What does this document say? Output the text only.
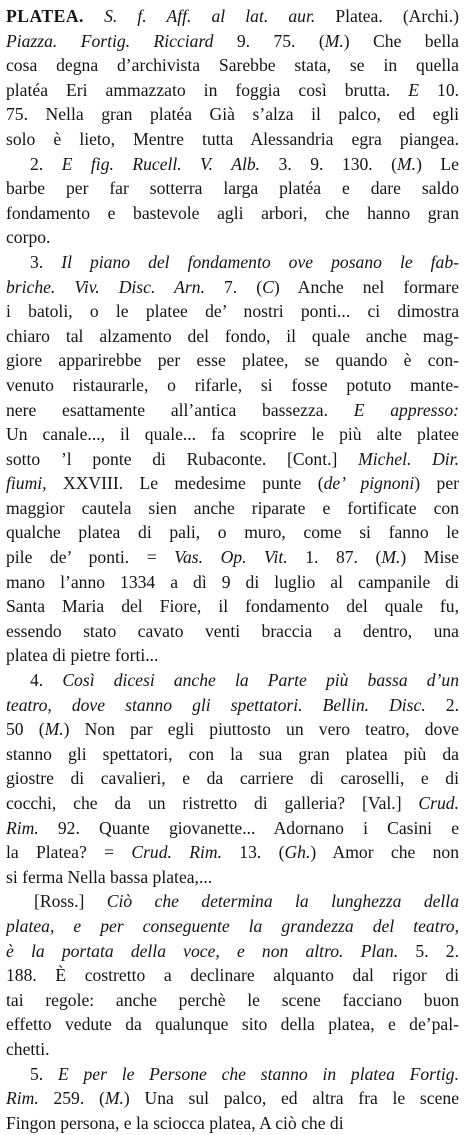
PLATEA. S. f. Aff. al lat. aur. Platea. (Archi.)
Piazza. Fortig. Ricciard 9. 75. (M.) Che bella
cosa degna d’archivista Sarebbe stata, se in quella
platéa Eri ammazzato in foggia così brutta. E 10.
75. Nella gran platéa Già s’alza il palco, ed egli
solo è lieto, Mentre tutta Alessandria egra piangea.
2. E fig. Rucell. V. Alb. 3. 9. 130. (M.) Le
barbe per far sotterra larga platéa e dare saldo
fondamento e bastevole agli arbori, che hanno gran
corpo.
3. Il piano del fondamento ove posano le fab-
briche. Viv. Disc. Arn. 7. (C) Anche nel formare
i batoli, o le platee de’ nostri ponti... ci dimostra
chiaro tal alzamento del fondo, il quale anche mag-
giore apparirebbe per esse platee, se quando è con-
venuto ristaurarle, o rifarle, si fosse potuto mante-
nere esattamente all’antica bassezza. E appresso:
Un canale..., il quale... fa scoprire le più alte platee
sotto ’l ponte di Rubaconte. [Cont.] Michel. Dir.
fiumi, XXVIII. Le medesime punte (de’ pignoni) per
maggior cautela sien anche riparate e fortificate con
qualche platea di pali, o muro, come si fanno le
pile de’ ponti. = Vas. Op. Vit. 1. 87. (M.) Mise
mano l’anno 1334 a dì 9 di luglio al campanile di
Santa Maria del Fiore, il fondamento del quale fu,
essendo stato cavato venti braccia a dentro, una
platea di pietre forti...
4. Così dicesi anche la Parte più bassa d’un
teatro, dove stanno gli spettatori. Bellin. Disc. 2.
50 (M.) Non par egli piuttosto un vero teatro, dove
stanno gli spettatori, con la sua gran platea più da
giostre di cavalieri, e da carriere di caroselli, e di
cocchi, che da un ristretto di galleria? [Val.] Crud.
Rim. 92. Quante giovanette... Adornano i Casini e
la Platea? = Crud. Rim. 13. (Gh.) Amor che non
si ferma Nella bassa platea,...
[Ross.] Ciò che determina la lunghezza della
platea, e per conseguente la grandezza del teatro,
è la portata della voce, e non altro. Plan. 5. 2.
188. È costretto a declinare alquanto dal rigor di
tai regole: anche perchè le scene facciano buon
effetto vedute da qualunque sito della platea, e de’pal-
chetti.
5. E per le Persone che stanno in platea Fortig.
Rim. 259. (M.) Una sul palco, ed altra fra le scene
Fingon persona, e la sciocca platea, A ciò che di
